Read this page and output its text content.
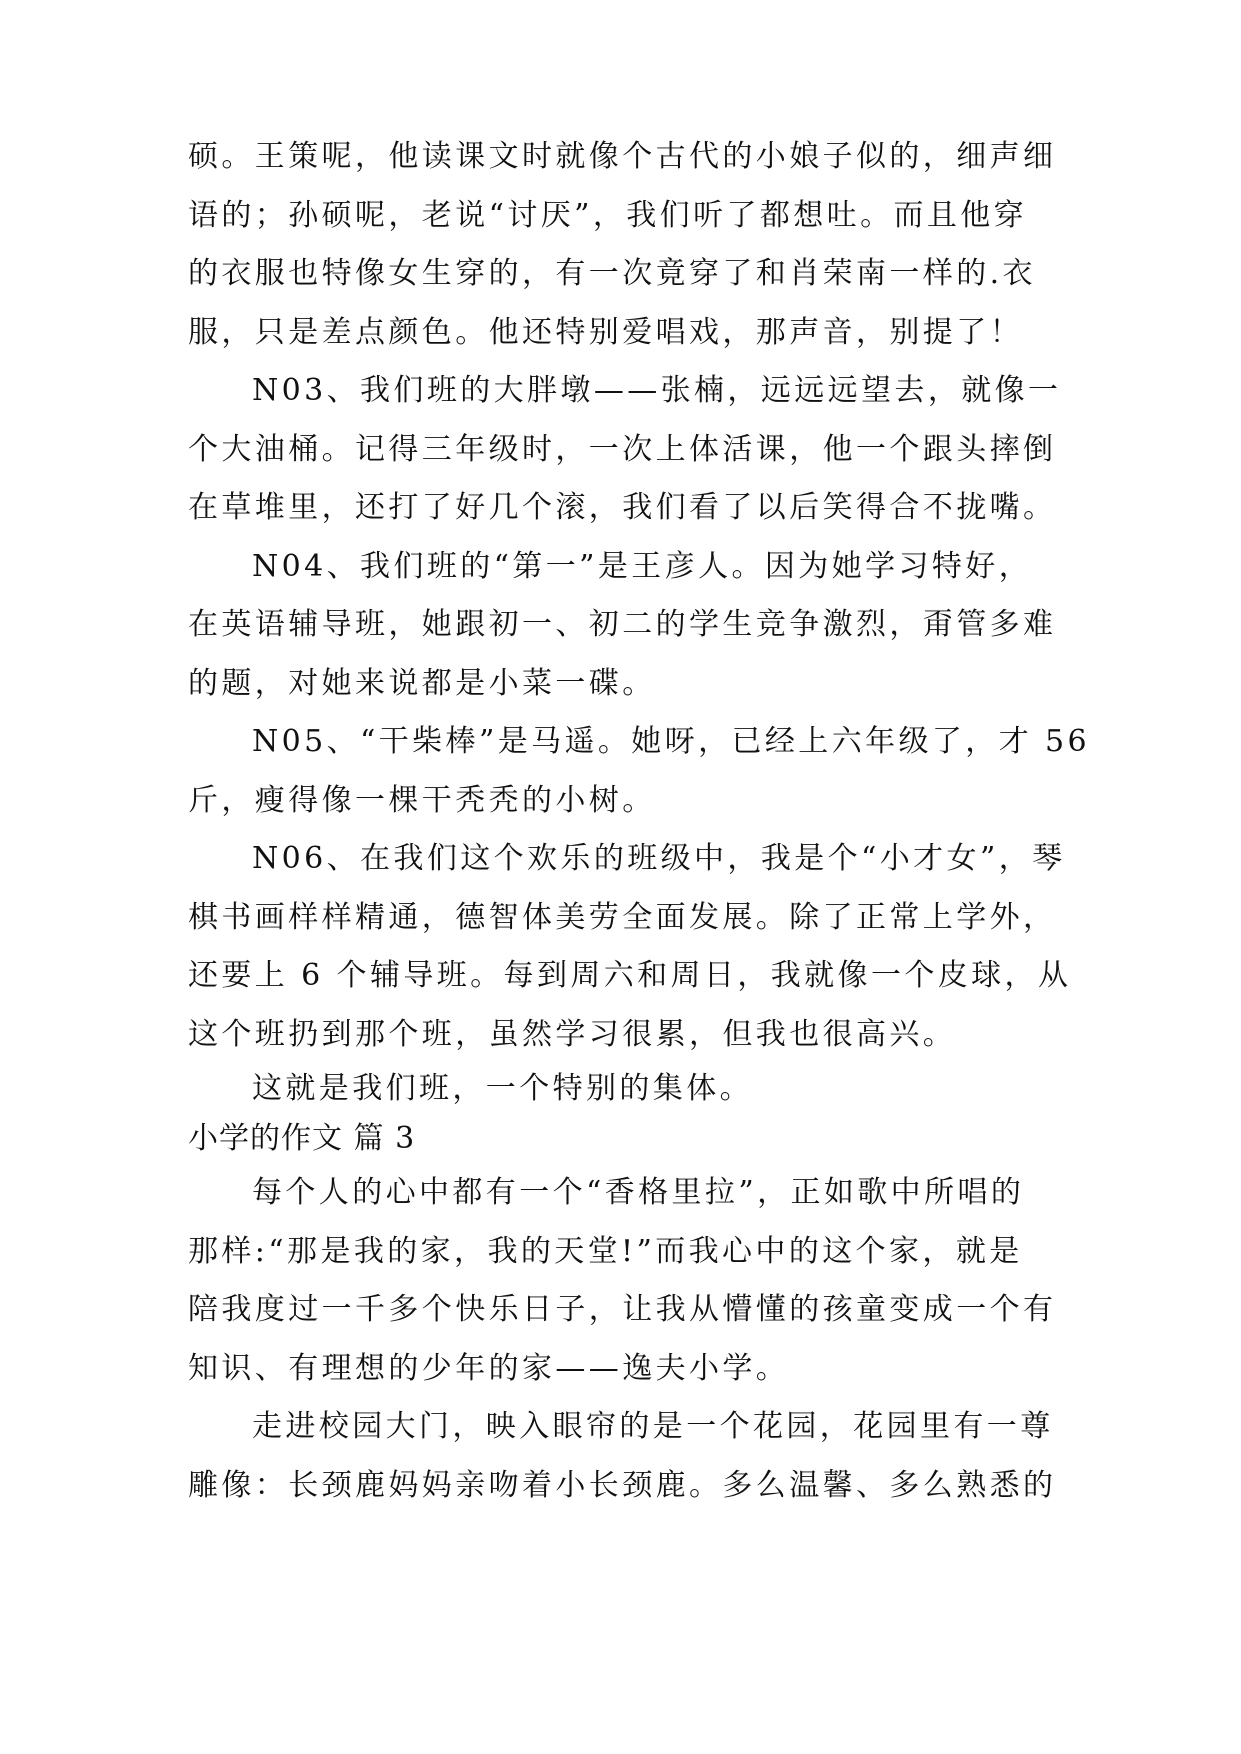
硕。王策呢，他读课文时就像个古代的小娘子似的，细声细
语的；孙硕呢，老说“讨厌”，我们听了都想吐。而且他穿
的衣服也特像女生穿的，有一次竟穿了和肖荣南一样的.衣
服，只是差点颜色。他还特别爱唱戏，那声音，别提了！
N03、我们班的大胖墩——张楠，远远远望去，就像一
个大油桶。记得三年级时，一次上体活课，他一个跟头摔倒
在草堆里，还打了好几个滚，我们看了以后笑得合不拢嘴。
N04、我们班的“第一”是王彦人。因为她学习特好，
在英语辅导班，她跟初一、初二的学生竞争激烈，甭管多难
的题，对她来说都是小菜一碟。
N05、“干柴棒”是马遥。她呀，已经上六年级了，才 56
斤，瘦得像一棵干秃秃的小树。
N06、在我们这个欢乐的班级中，我是个“小才女”，琴
棋书画样样精通，德智体美劳全面发展。除了正常上学外，
还要上 6 个辅导班。每到周六和周日，我就像一个皮球，从
这个班扔到那个班，虽然学习很累，但我也很高兴。
这就是我们班，一个特别的集体。
小学的作文 篇 3
每个人的心中都有一个“香格里拉”，正如歌中所唱的
那样:“那是我的家，我的天堂!”而我心中的这个家，就是
陪我度过一千多个快乐日子，让我从懵懂的孩童变成一个有
知识、有理想的少年的家——逸夫小学。
走进校园大门，映入眼帘的是一个花园，花园里有一尊
雕像：长颈鹿妈妈亲吻着小长颈鹿。多么温馨、多么熟悉的
